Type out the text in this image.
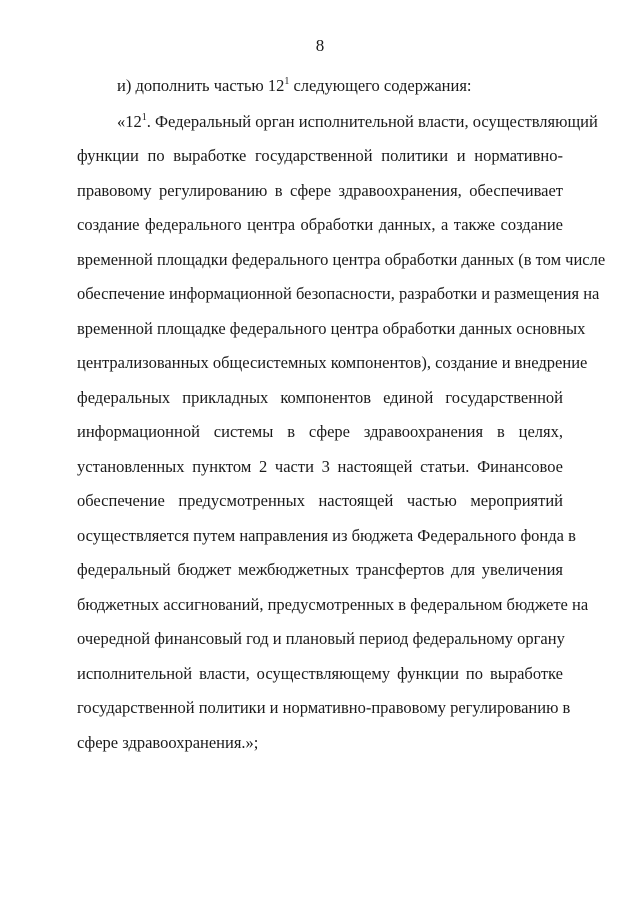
8
и) дополнить частью $12^1$ следующего содержания:
«$12^1$. Федеральный орган исполнительной власти, осуществляющий
функции по выработке государственной политики и нормативно-
правовому регулированию в сфере здравоохранения, обеспечивает
создание федерального центра обработки данных, а также создание
временной площадки федерального центра обработки данных (в том числе
обеспечение информационной безопасности, разработки и размещения на
временной площадке федерального центра обработки данных основных
централизованных общесистемных компонентов), создание и внедрение
федеральных прикладных компонентов единой государственной
информационной системы в сфере здравоохранения в целях,
установленных пунктом 2 части 3 настоящей статьи. Финансовое
обеспечение предусмотренных настоящей частью мероприятий
осуществляется путем направления из бюджета Федерального фонда в
федеральный бюджет межбюджетных трансфертов для увеличения
бюджетных ассигнований, предусмотренных в федеральном бюджете на
очередной финансовый год и плановый период федеральному органу
исполнительной власти, осуществляющему функции по выработке
государственной политики и нормативно-правовому регулированию в
сфере здравоохранения.»;
